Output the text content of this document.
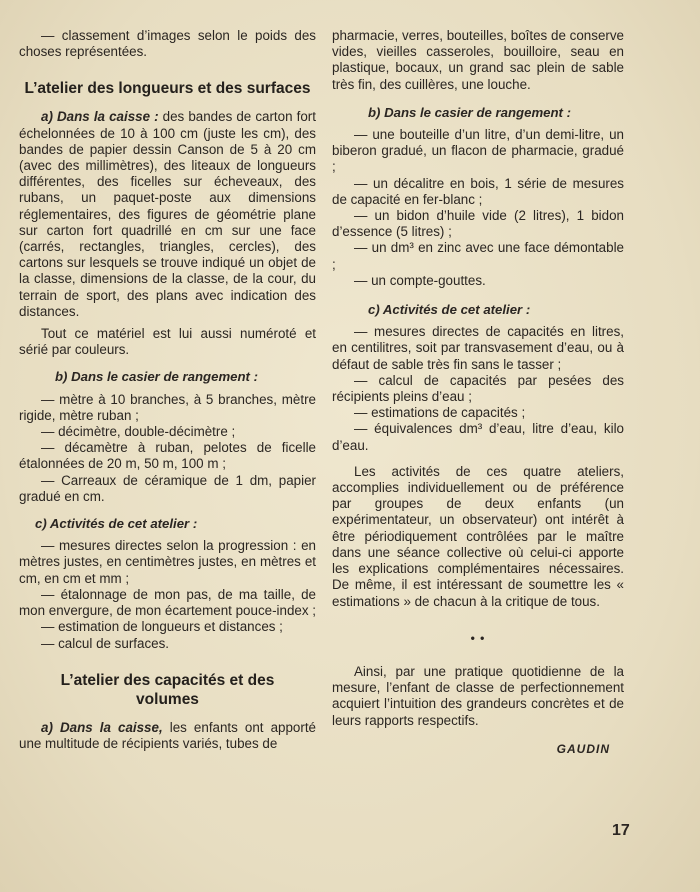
— classement d’images selon le poids des choses représentées.

L’atelier des longueurs et des surfaces

a) Dans la caisse : des bandes de carton fort échelonnées de 10 à 100 cm (juste les cm), des bandes de papier dessin Canson de 5 à 20 cm (avec des millimètres), des liteaux de longueurs différentes, des ficelles sur écheveaux, des rubans, un paquet-poste aux dimensions réglementaires, des figures de géométrie plane sur carton fort quadrillé en cm sur une face (carrés, rectangles, triangles, cercles), des cartons sur lesquels se trouve indiqué un objet de la classe, dimensions de la classe, de la cour, du terrain de sport, des plans avec indication des distances.

Tout ce matériel est lui aussi numéroté et sérié par couleurs.

b) Dans le casier de rangement :

— mètre à 10 branches, à 5 branches, mètre rigide, mètre ruban ;

— décimètre, double-décimètre ;

— décamètre à ruban, pelotes de ficelle étalonnées de 20 m, 50 m, 100 m ;

— Carreaux de céramique de 1 dm, papier gradué en cm.

c) Activités de cet atelier :

— mesures directes selon la progression : en mètres justes, en centimètres justes, en mètres et cm, en cm et mm ;

— étalonnage de mon pas, de ma taille, de mon envergure, de mon écartement pouce-index ;

— estimation de longueurs et distances ;

— calcul de surfaces.

L’atelier des capacités et des volumes

a) Dans la caisse, les enfants ont apporté une multitude de récipients variés, tubes de

pharmacie, verres, bouteilles, boîtes de conserve vides, vieilles casseroles, bouilloire, seau en plastique, bocaux, un grand sac plein de sable très fin, des cuillères, une louche.

b) Dans le casier de rangement :

— une bouteille d’un litre, d’un demi-litre, un biberon gradué, un flacon de pharmacie, gradué ;

— un décalitre en bois, 1 série de mesures de capacité en fer-blanc ;

— un bidon d’huile vide (2 litres), 1 bidon d’essence (5 litres) ;

— un dm³ en zinc avec une face démontable ;

— un compte-gouttes.

c) Activités de cet atelier :

— mesures directes de capacités en litres, en centilitres, soit par transvasement d’eau, ou à défaut de sable très fin sans le tasser ;

— calcul de capacités par pesées des récipients pleins d’eau ;

— estimations de capacités ;

— équivalences dm³ d’eau, litre d’eau, kilo d’eau.

Les activités de ces quatre ateliers, accomplies individuellement ou de préférence par groupes de deux enfants (un expérimentateur, un observateur) ont intérêt à être périodiquement contrôlées par le maître dans une séance collective où celui-ci apporte les explications complémentaires nécessaires. De même, il est intéressant de soumettre les « estimations » de chacun à la critique de tous.

• •

Ainsi, par une pratique quotidienne de la mesure, l’enfant de classe de perfectionnement acquiert l’intuition des grandeurs concrètes et de leurs rapports respectifs.

GAUDIN
17
